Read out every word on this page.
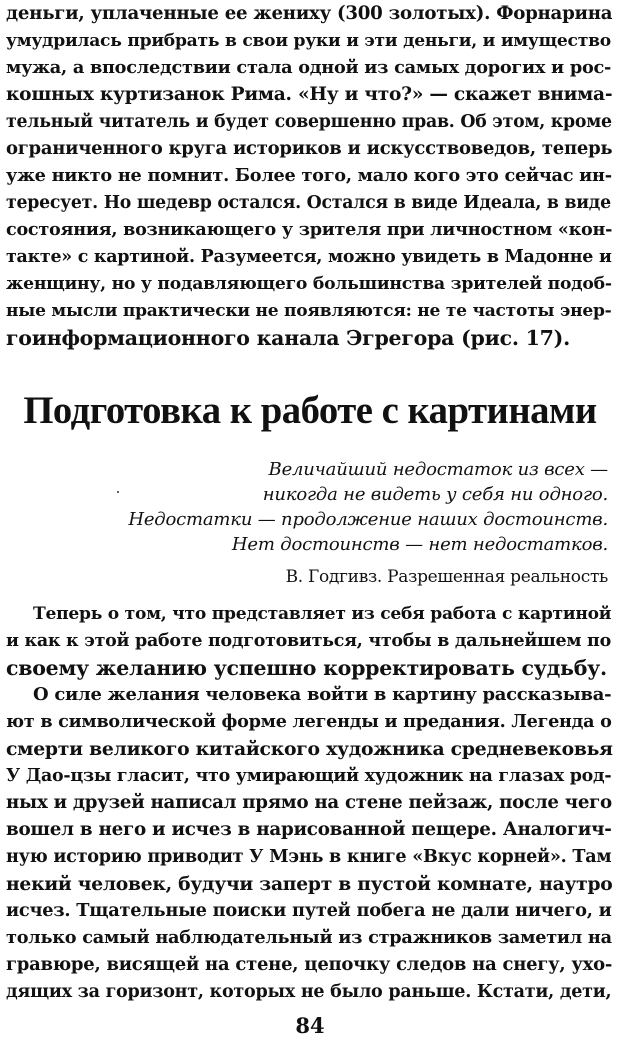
деньги, уплаченные ее жениху (300 золотых). Форнарина
умудрилась прибрать в свои руки и эти деньги, и имущество
мужа, а впоследствии стала одной из самых дорогих и рос-
кошных куртизанок Рима. «Ну и что?» — скажет внима-
тельный читатель и будет совершенно прав. Об этом, кроме
ограниченного круга историков и искусствоведов, теперь
уже никто не помнит. Более того, мало кого это сейчас ин-
тересует. Но шедевр остался. Остался в виде Идеала, в виде
состояния, возникающего у зрителя при личностном «кон-
такте» с картиной. Разумеется, можно увидеть в Мадонне и
женщину, но у подавляющего большинства зрителей подоб-
ные мысли практически не появляются: не те частоты энер-
гоинформационного канала Эгрегора (рис. 17).
Подготовка к работе с картинами
Величайший недостаток из всех —
никогда не видеть у себя ни одного.
Недостатки — продолжение наших достоинств.
Нет достоинств — нет недостатков.
В. Годгивз. Разрешенная реальность
Теперь о том, что представляет из себя работа с картиной
и как к этой работе подготовиться, чтобы в дальнейшем по
своему желанию успешно корректировать судьбу.
О силе желания человека войти в картину рассказыва-
ют в символической форме легенды и предания. Легенда о
смерти великого китайского художника средневековья
У Дао-цзы гласит, что умирающий художник на глазах род-
ных и друзей написал прямо на стене пейзаж, после чего
вошел в него и исчез в нарисованной пещере. Аналогич-
ную историю приводит У Мэнь в книге «Вкус корней». Там
некий человек, будучи заперт в пустой комнате, наутро
исчез. Тщательные поиски путей побега не дали ничего, и
только самый наблюдательный из стражников заметил на
гравюре, висящей на стене, цепочку следов на снегу, ухо-
дящих за горизонт, которых не было раньше. Кстати, дети,
84
